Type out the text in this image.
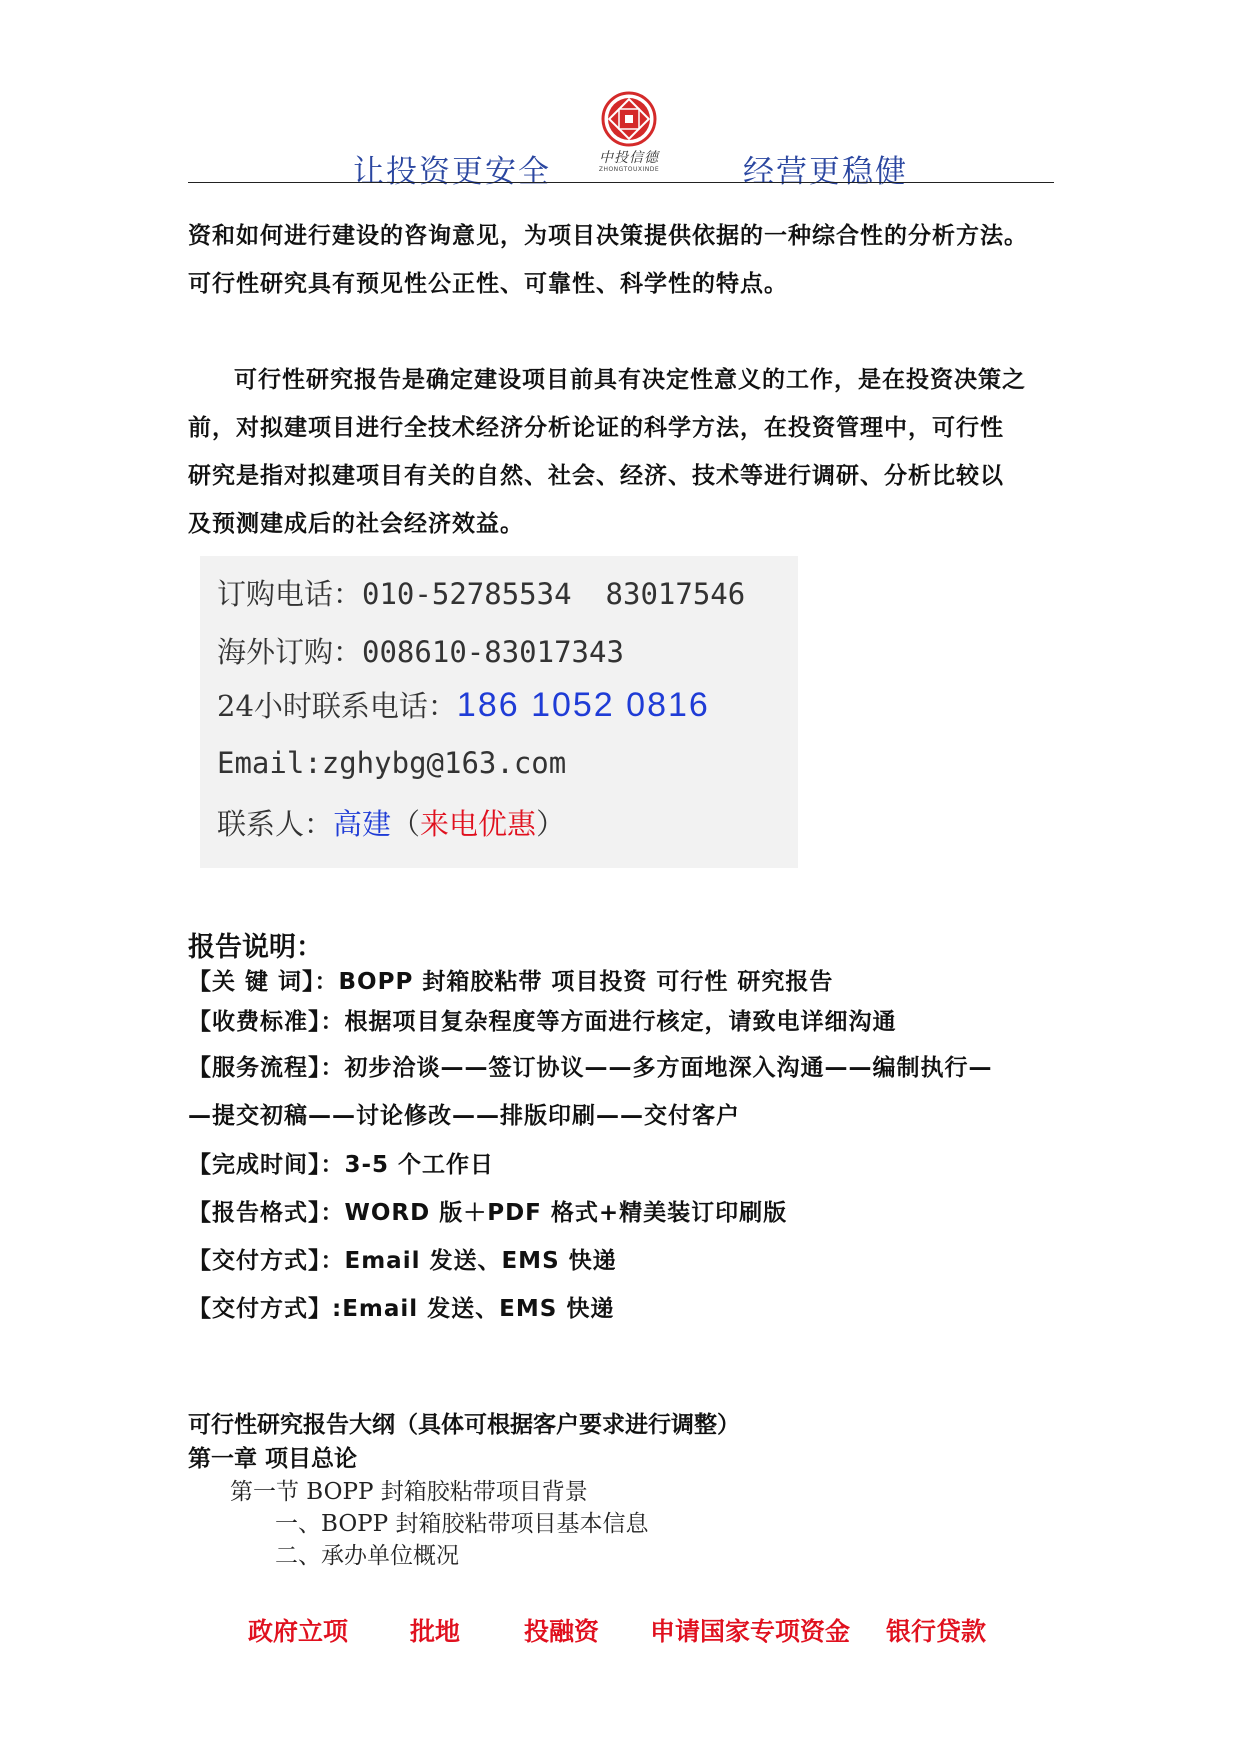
让投资更安全	中投信德
ZHONGTOUXINDE	经营更稳健
资和如何进行建设的咨询意见，为项目决策提供依据的一种综合性的分析方法。
可行性研究具有预见性公正性、可靠性、科学性的特点。
可行性研究报告是确定建设项目前具有决定性意义的工作，是在投资决策之
前，对拟建项目进行全技术经济分析论证的科学方法，在投资管理中，可行性
研究是指对拟建项目有关的自然、社会、经济、技术等进行调研、分析比较以
及预测建成后的社会经济效益。
订购电话：010-52785534 83017546
海外订购：008610-83017343
24小时联系电话：186 1052 0816
Email:zghybg@163.com
联系人：高建（来电优惠）
报告说明：
【关 键 词】：BOPP 封箱胶粘带 项目投资 可行性 研究报告
【收费标准】：根据项目复杂程度等方面进行核定，请致电详细沟通
【服务流程】：初步洽谈——签订协议——多方面地深入沟通——编制执行—
—提交初稿——讨论修改——排版印刷——交付客户
【完成时间】：3-5 个工作日
【报告格式】：WORD 版＋PDF 格式+精美装订印刷版
【交付方式】：Email 发送、EMS 快递
【交付方式】:Email 发送、EMS 快递
可行性研究报告大纲（具体可根据客户要求进行调整）
第一章 项目总论
第一节 BOPP 封箱胶粘带项目背景
一、BOPP 封箱胶粘带项目基本信息
二、承办单位概况
政府立项 批地	投融资 申请国家专项资金 银行贷款
